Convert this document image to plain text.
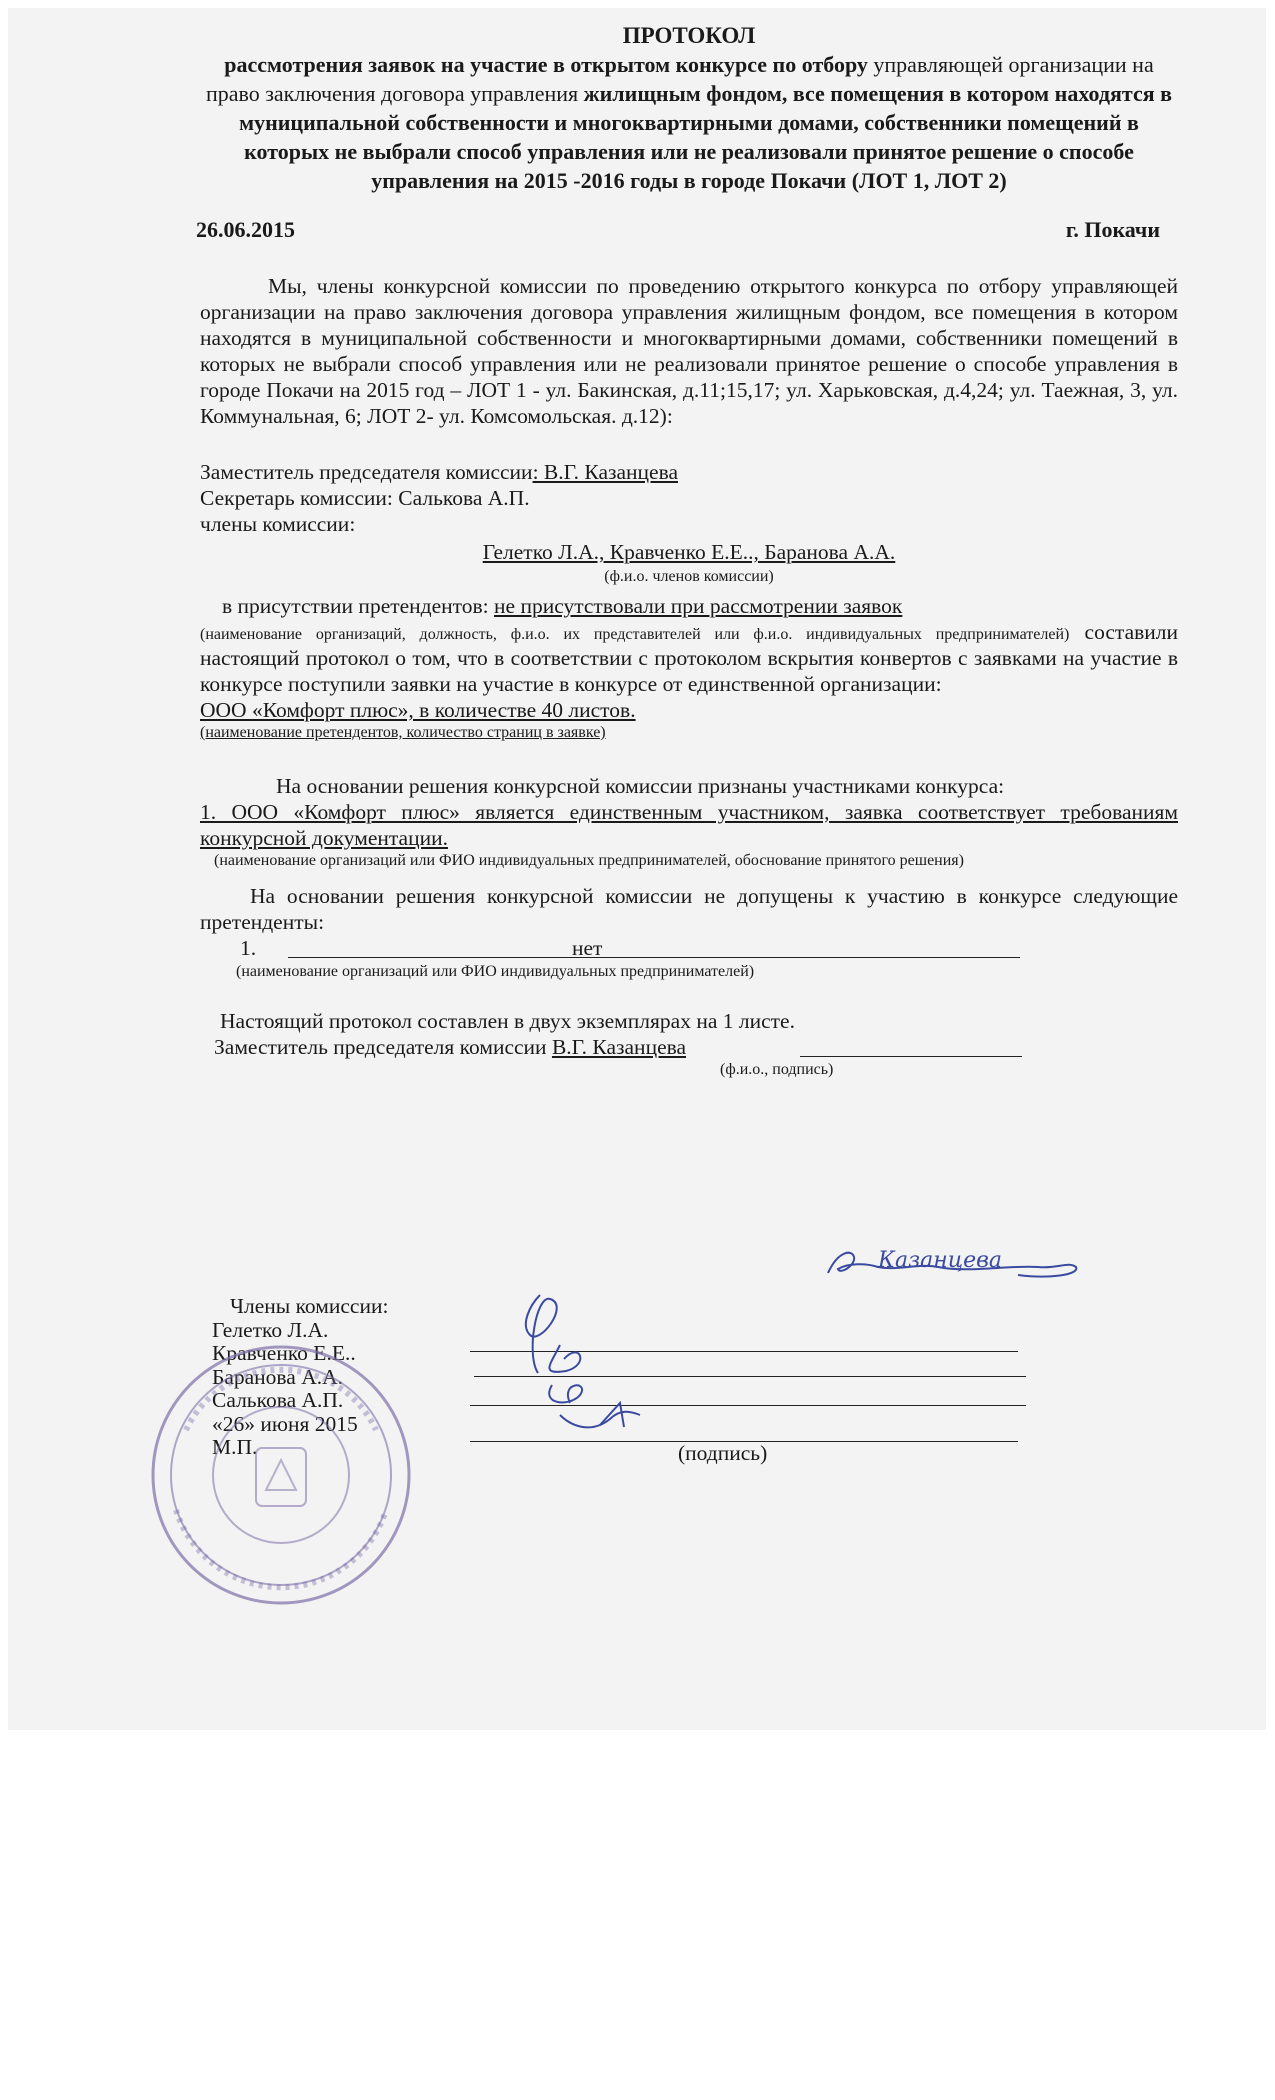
ПРОТОКОЛ
рассмотрения заявок на участие в открытом конкурсе по отбору управляющей организации на право заключения договора управления жилищным фондом, все помещения в котором находятся в муниципальной собственности и многоквартирными домами, собственники помещений в которых не выбрали способ управления или не реализовали принятое решение о способе управления на 2015 -2016 годы в городе Покачи (ЛОТ 1, ЛОТ 2)
26.06.2015	г. Покачи

Мы, члены конкурсной комиссии по проведению открытого конкурса по отбору управляющей организации на право заключения договора управления жилищным фондом, все помещения в котором находятся в муниципальной собственности и многоквартирными домами, собственники помещений в которых не выбрали способ управления или не реализовали принятое решение о способе управления в городе Покачи на 2015 год – ЛОТ 1 - ул. Бакинская, д.11;15,17; ул. Харьковская, д.4,24; ул. Таежная, 3, ул. Коммунальная, 6; ЛОТ 2- ул. Комсомольская. д.12):

Заместитель председателя комиссии: В.Г. Казанцева
Секретарь комиссии: Салькова А.П.
члены комиссии:
Гелетко Л.А., Кравченко Е.Е.., Баранова А.А.
(ф.и.о. членов комиссии)
в присутствии претендентов: не присутствовали при рассмотрении заявок

(наименование организаций, должность, ф.и.о. их представителей или ф.и.о. индивидуальных предпринимателей) составили настоящий протокол о том, что в соответствии с протоколом вскрытия конвертов с заявками на участие в конкурсе поступили заявки на участие в конкурсе от единственной организации:

ООО «Комфорт плюс», в количестве 40 листов.
(наименование претендентов, количество страниц в заявке)
На основании решения конкурсной комиссии признаны участниками конкурса:
1. ООО «Комфорт плюс» является единственным участником, заявка соответствует требованиям конкурсной документации.
(наименование организаций или ФИО индивидуальных предпринимателей, обоснование принятого решения)

На основании решения конкурсной комиссии не допущены к участию в конкурсе следующие претенденты:

1.	нет
(наименование организаций или ФИО индивидуальных предпринимателей)
Настоящий протокол составлен в двух экземплярах на 1 листе.
Заместитель председателя комиссии В.Г. Казанцева
(ф.и.о., подпись)
Члены комиссии:
Гелетко Л.А.
Кравченко Е.Е..
Баранова А.А.
Салькова А.П.
«26» июня 2015
М.П.	(подпись)
Казанцева
